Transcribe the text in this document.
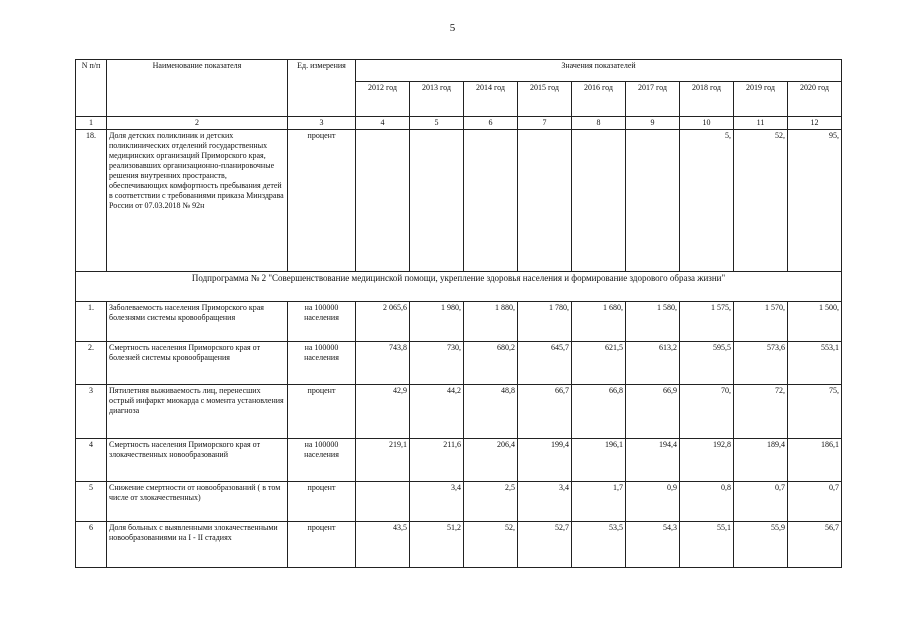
5
N п/п	Наименование показателя	Ед. измерения	Значения показателей								
			2012 год	2013 год	2014 год	2015 год	2016 год	2017 год	2018 год	2019 год	2020 год
1	2	3	4	5	6	7	8	9	10	11	12
18.	Доля детских поликлиник и детских поликлинических отделений государственных медицинских организаций Приморского края, реализовавших организационно-планировочные решения внутренних пространств, обеспечивающих комфортность пребывания детей в соответствии с требованиями приказа Минздрава России от 07.03.2018 № 92н	процент							5,	52,	95,
Подпрограмма № 2 "Совершенствование медицинской помощи, укрепление здоровья населения и формирование здорового образа жизни"											
1.	Заболеваемость населения Приморского края болезнями системы кровообращения	на 100000 населения	2 065,6	1 980,	1 880,	1 780,	1 680,	1 580,	1 575,	1 570,	1 500,
2.	Смертность населения Приморского края от болезней системы кровообращения	на 100000 населения	743,8	730,	680,2	645,7	621,5	613,2	595,5	573,6	553,1
3	Пятилетняя выживаемость лиц, перенесших острый инфаркт миокарда с момента установления диагноза	процент	42,9	44,2	48,8	66,7	66,8	66,9	70,	72,	75,
4	Смертность населения Приморского края от злокачественных новообразований	на 100000 населения	219,1	211,6	206,4	199,4	196,1	194,4	192,8	189,4	186,1
5	Снижение смертности от новообразований ( в том числе от злокачественных)	процент		3,4	2,5	3,4	1,7	0,9	0,8	0,7	0,7
6	Доля больных с выявленными злокачественными новообразованиями на I - II стадиях	процент	43,5	51,2	52,	52,7	53,5	54,3	55,1	55,9	56,7
